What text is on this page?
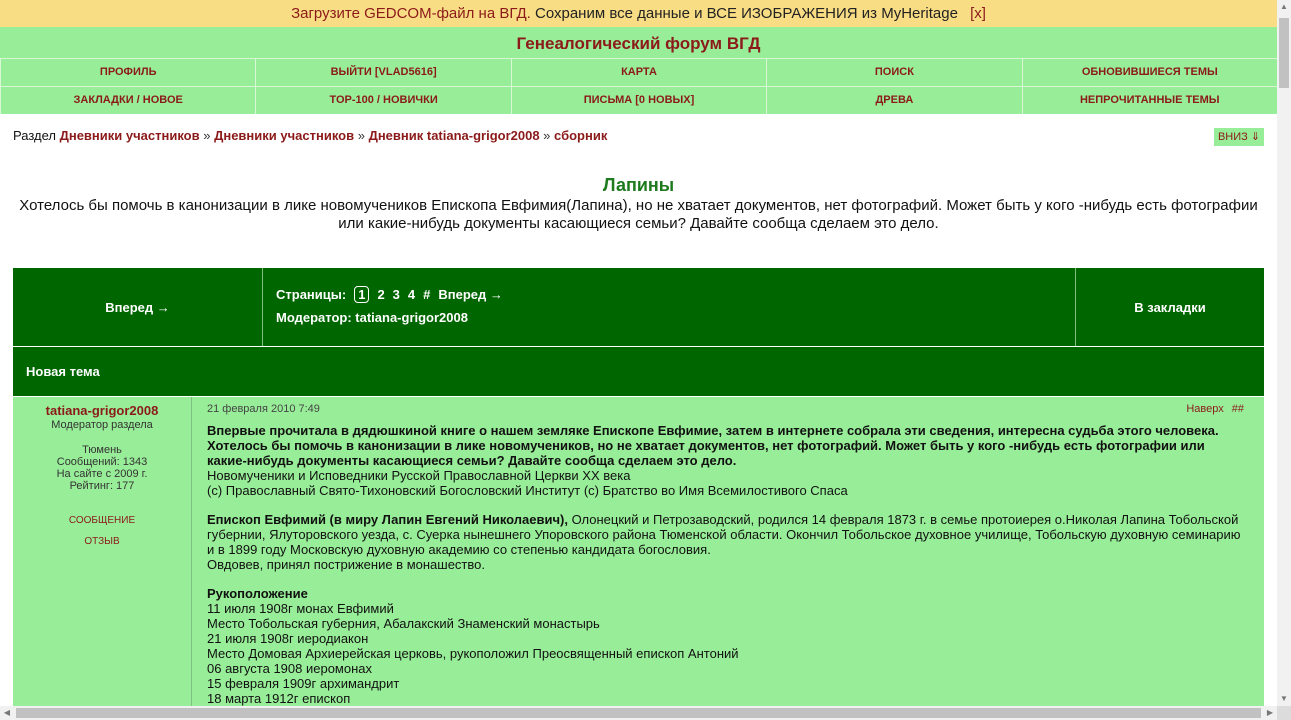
Загрузите GEDCOM-файл на ВГД. Сохраним все данные и ВСЕ ИЗОБРАЖЕНИЯ из MyHeritage [x]
Генеалогический форум ВГД
ПРОФИЛЬ	ВЫЙТИ [VLAD5616]	КАРТА	ПОИСК	ОБНОВИВШИЕСЯ ТЕМЫ
ЗАКЛАДКИ / НОВОЕ	TOP-100 / НОВИЧКИ	ПИСЬМА [0 НОВЫХ]	ДРЕВА	НЕПРОЧИТАННЫЕ ТЕМЫ
Раздел Дневники участников » Дневники участников » Дневник tatiana-grigor2008 » сборник	ВНИЗ ⇓
Лапины
Хотелось бы помочь в канонизации в лике новомучеников Епископа Евфимия(Лапина), но не хватает документов, нет фотографий. Может быть у кого -нибудь есть фотографии или какие-нибудь документы касающиеся семьи? Давайте сообща сделаем это дело.
Вперед →
Страницы: 1 2 3 4 # Вперед →
Модератор: tatiana-grigor2008
В закладки
Новая тема
tatiana-grigor2008
Модератор раздела
Тюмень
Сообщений: 1343
На сайте с 2009 г.
Рейтинг: 177
СООБЩЕНИЕ
ОТЗЫВ
21 февраля 2010 7:49	Наверх ##

Впервые прочитала в дядюшкиной книге о нашем земляке Епископе Евфимие, затем в интернете собрала эти сведения, интересна судьба этого человека. Хотелось бы помочь в канонизации в лике новомучеников, но не хватает документов, нет фотографий. Может быть у кого -нибудь есть фотографии или какие-нибудь документы касающиеся семьи? Давайте сообща сделаем это дело.

Новомученики и Исповедники Русской Православной Церкви XX века

(c) Православный Свято-Тихоновский Богословский Институт (c) Братство во Имя Всемилостивого Спаса

Епископ Евфимий (в миру Лапин Евгений Николаевич), Олонецкий и Петрозаводский, родился 14 февраля 1873 г. в семье протоиерея о.Николая Лапина Тобольской губернии, Ялуторовского уезда, с. Суерка нынешнего Упоровского района Тюменской области. Окончил Тобольское духовное училище, Тобольскую духовную семинарию и в 1899 году Московскую духовную академию со степенью кандидата богословия.

Овдовев, принял пострижение в монашество.

Рукоположение

11 июля 1908г монах Евфимий

Место Тобольская губерния, Абалакский Знаменский монастырь

21 июля 1908г иеродиакон

Место Домовая Архиерейская церковь, рукоположил Преосвященный епископ Антоний

06 августа 1908 иеромонах

15 февраля 1909г архимандрит

18 марта 1912г епископ

▲
▼
◀	▶
